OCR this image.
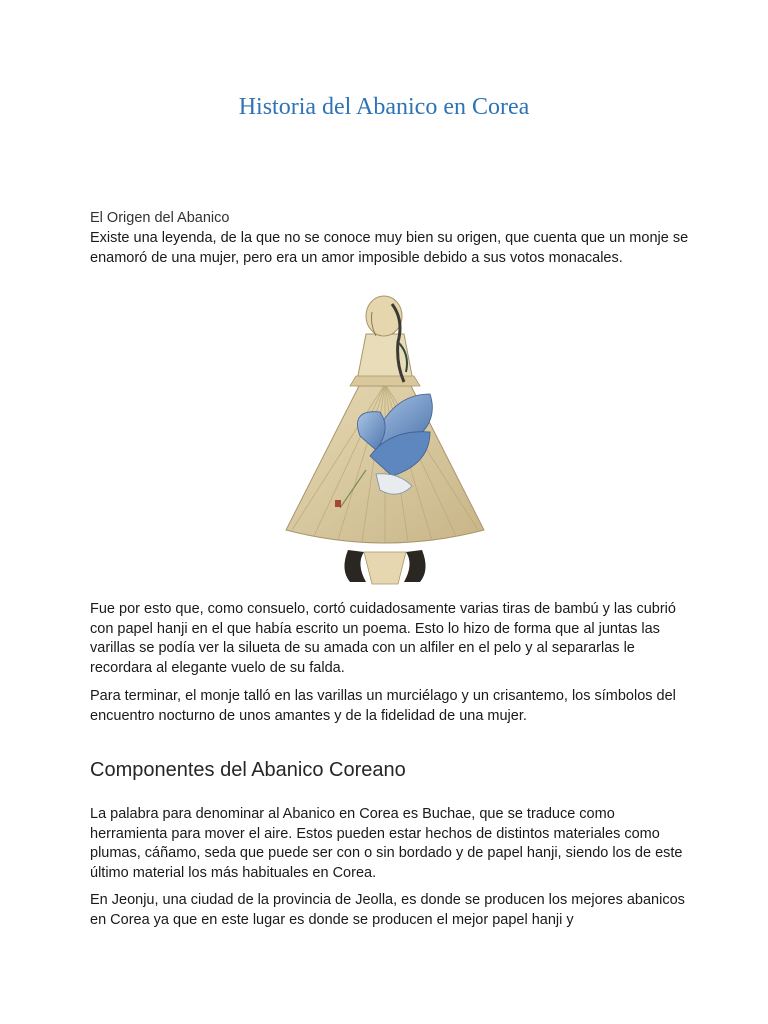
Historia del Abanico en Corea

El Origen del Abanico

Existe una leyenda, de la que no se conoce muy bien su origen, que cuenta que un monje se enamoró de una mujer, pero era un amor imposible debido a sus votos monacales.

Fue por esto que, como consuelo, cortó cuidadosamente varias tiras de bambú y las cubrió con papel hanji en el que había escrito un poema. Esto lo hizo de forma que al juntas las varillas se podía ver la silueta de su amada con un alfiler en el pelo y al separarlas le recordara al elegante vuelo de su falda.

Para terminar, el monje talló en las varillas un murciélago y un crisantemo, los símbolos del encuentro nocturno de unos amantes y de la fidelidad de una mujer.

Componentes del Abanico Coreano

La palabra para denominar al Abanico en Corea es Buchae, que se traduce como herramienta para mover el aire. Estos pueden estar hechos de distintos materiales como plumas, cáñamo, seda que puede ser con o sin bordado y de papel hanji, siendo los de este último material los más habituales en Corea.

En Jeonju, una ciudad de la provincia de Jeolla, es donde se producen los mejores abanicos en Corea ya que en este lugar es donde se producen el mejor papel hanji y
